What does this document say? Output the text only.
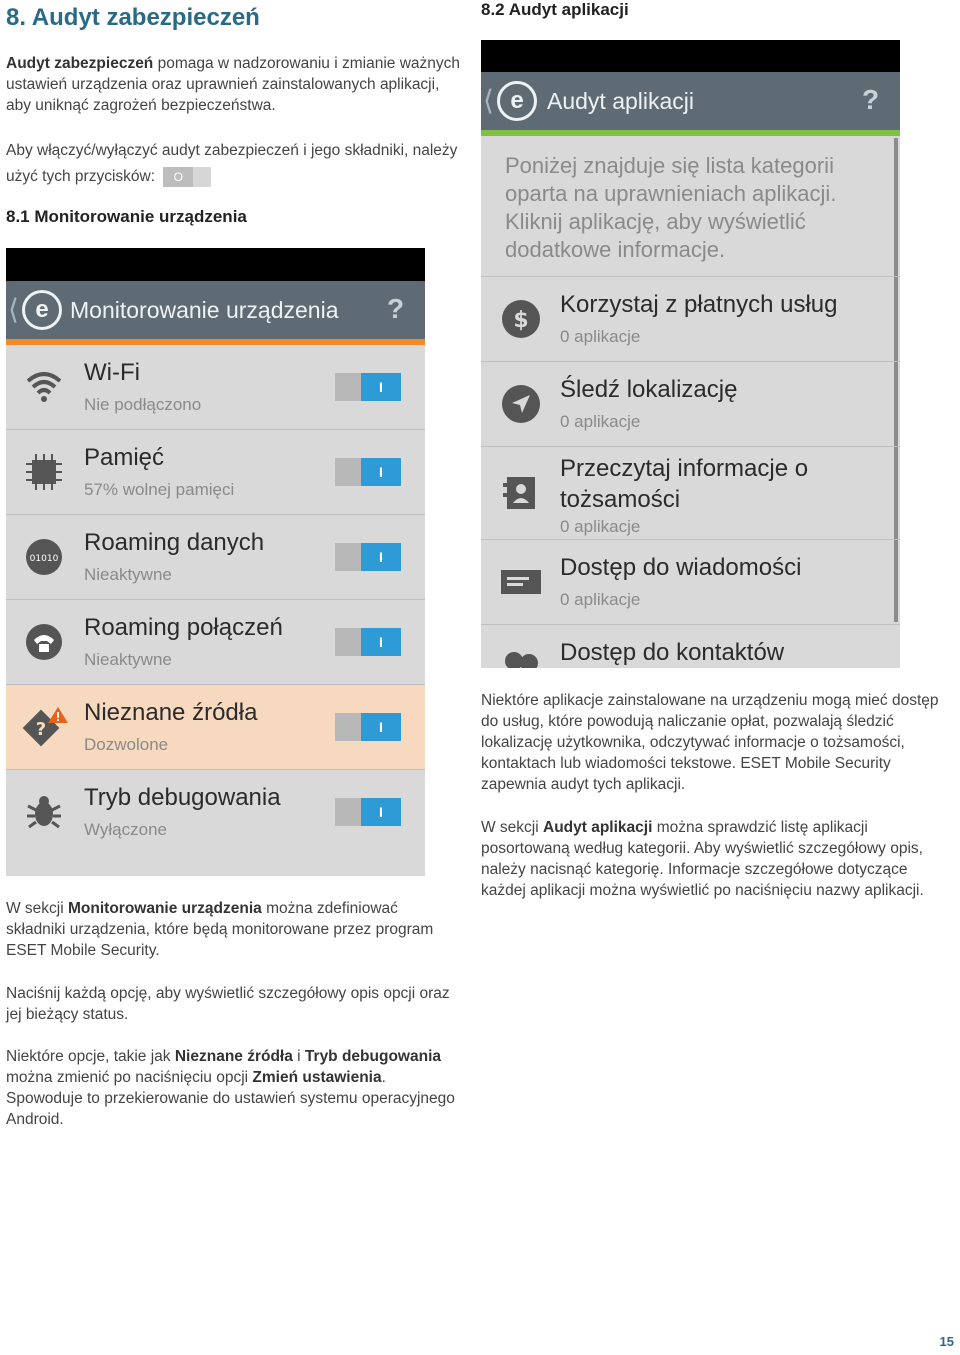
8. Audyt zabezpieczeń
Audyt zabezpieczeń pomaga w nadzorowaniu i zmianie ważnych ustawień urządzenia oraz uprawnień zainstalowanych aplikacji, aby uniknąć zagrożeń bezpieczeństwa.
Aby włączyć/wyłączyć audyt zabezpieczeń i jego składniki, należy użyć tych przycisków:	O
8.1 Monitorowanie urządzenia
⟨ e Monitorowanie urządzenia ?
Wi-Fi
Nie podłączono
I
Pamięć
57% wolnej pamięci
I
01010
Roaming danych
Nieaktywne
I
Roaming połączeń
Nieaktywne
I
?
Nieznane źródła
Dozwolone
I
Tryb debugowania
Wyłączone
I
W sekcji Monitorowanie urządzenia można zdefiniować składniki urządzenia, które będą monitorowane przez program ESET Mobile Security.
Naciśnij każdą opcję, aby wyświetlić szczegółowy opis opcji oraz jej bieżący status.
Niektóre opcje, takie jak Nieznane źródła i Tryb debugowania można zmienić po naciśnięciu opcji Zmień ustawienia. Spowoduje to przekierowanie do ustawień systemu operacyjnego Android.
8.2 Audyt aplikacji
⟨ e	Audyt aplikacji	?
Poniżej znajduje się lista kategorii oparta na uprawnieniach aplikacji. Kliknij aplikację, aby wyświetlić dodatkowe informacje.
$
Korzystaj z płatnych usług
0 aplikacje
Śledź lokalizację
0 aplikacje
Przeczytaj informacje o tożsamości
0 aplikacje
Dostęp do wiadomości
0 aplikacje
Dostęp do kontaktów
Niektóre aplikacje zainstalowane na urządzeniu mogą mieć dostęp do usług, które powodują naliczanie opłat, pozwalają śledzić lokalizację użytkownika, odczytywać informacje o tożsamości, kontaktach lub wiadomości tekstowe. ESET Mobile Security zapewnia audyt tych aplikacji.
W sekcji Audyt aplikacji można sprawdzić listę aplikacji posortowaną według kategorii. Aby wyświetlić szczegółowy opis, należy nacisnąć kategorię. Informacje szczegółowe dotyczące każdej aplikacji można wyświetlić po naciśnięciu nazwy aplikacji.
15
